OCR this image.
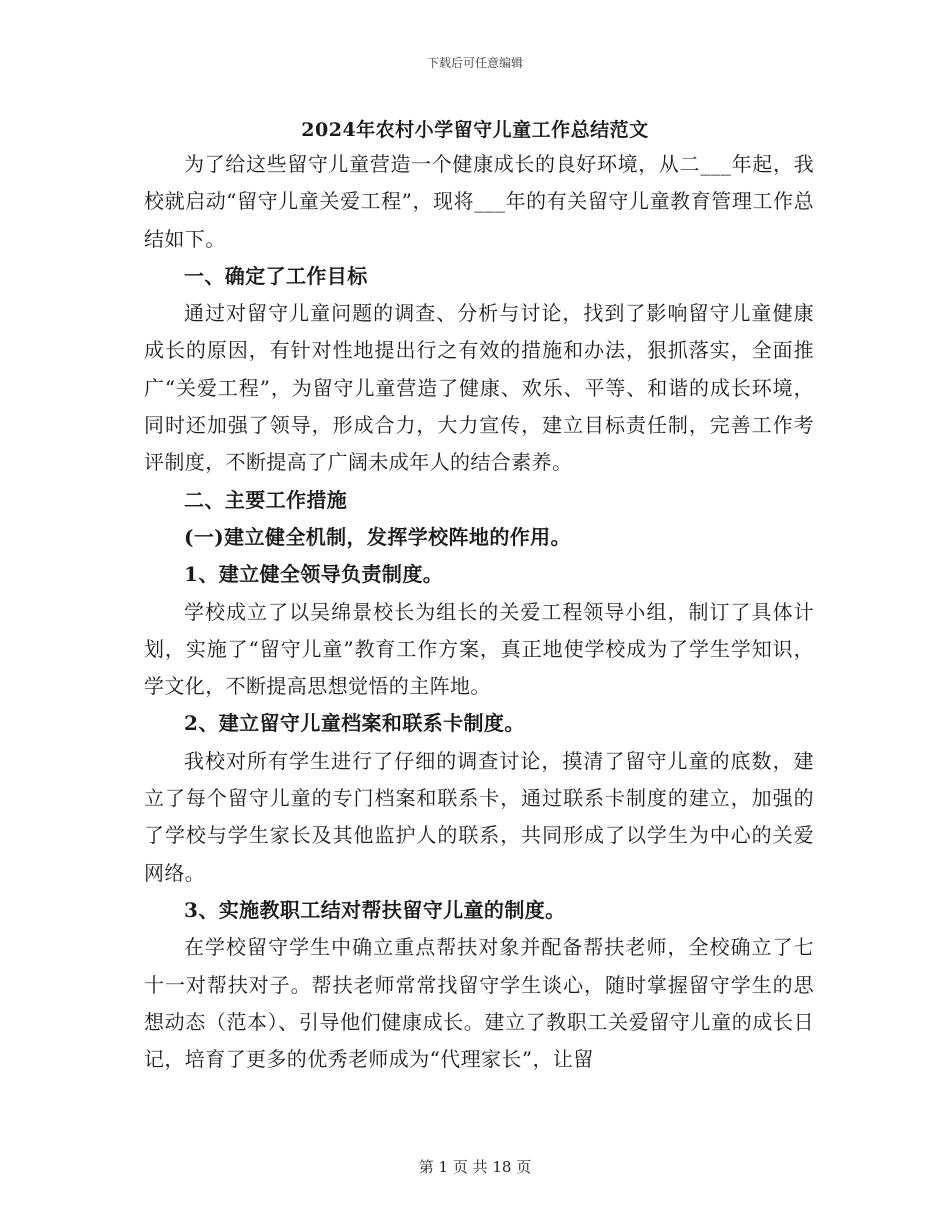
下载后可任意编辑
2024年农村小学留守儿童工作总结范文

为了给这些留守儿童营造一个健康成长的良好环境，从二___年起，我校就启动“留守儿童关爱工程”，现将___年的有关留守儿童教育管理工作总结如下。

一、确定了工作目标

通过对留守儿童问题的调查、分析与讨论，找到了影响留守儿童健康成长的原因，有针对性地提出行之有效的措施和办法，狠抓落实，全面推广“关爱工程”，为留守儿童营造了健康、欢乐、平等、和谐的成长环境，同时还加强了领导，形成合力，大力宣传，建立目标责任制，完善工作考评制度，不断提高了广阔未成年人的结合素养。

二、主要工作措施

(一)建立健全机制，发挥学校阵地的作用。

1、建立健全领导负责制度。

学校成立了以吴绵景校长为组长的关爱工程领导小组，制订了具体计划，实施了“留守儿童”教育工作方案，真正地使学校成为了学生学知识，学文化，不断提高思想觉悟的主阵地。

2、建立留守儿童档案和联系卡制度。

我校对所有学生进行了仔细的调查讨论，摸清了留守儿童的底数，建立了每个留守儿童的专门档案和联系卡，通过联系卡制度的建立，加强的了学校与学生家长及其他监护人的联系，共同形成了以学生为中心的关爱网络。

3、实施教职工结对帮扶留守儿童的制度。

在学校留守学生中确立重点帮扶对象并配备帮扶老师，全校确立了七十一对帮扶对子。帮扶老师常常找留守学生谈心，随时掌握留守学生的思想动态（范本）、引导他们健康成长。建立了教职工关爱留守儿童的成长日记，培育了更多的优秀老师成为“代理家长”，让留

第 1 页 共 18 页
